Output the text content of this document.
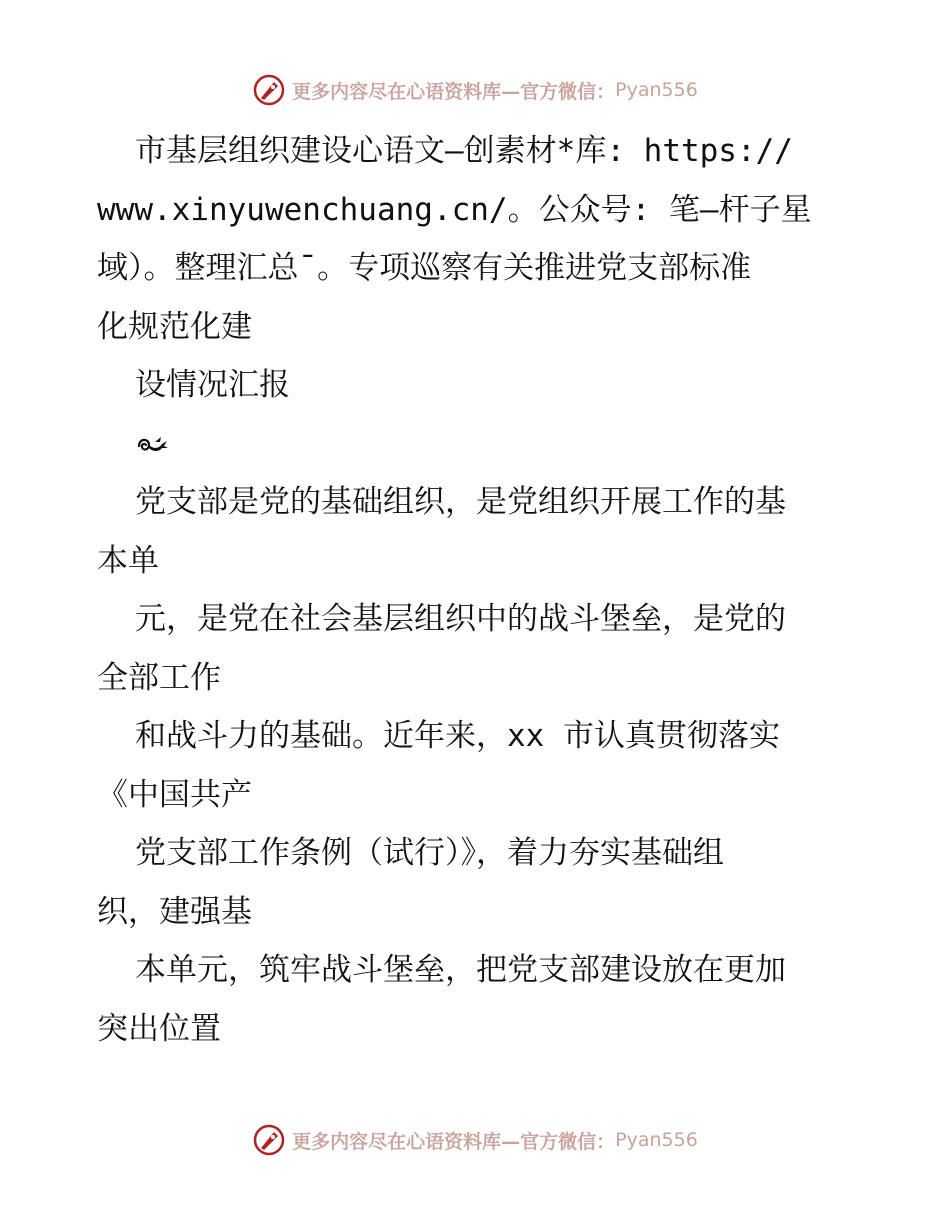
更多内容尽在心语资料库—官方微信： Pyan556
市基层组织建设心语文—创素材*库: https://
www.xinyuwenchuang.cn/。公众号: 笔—杆子星
域）。整理汇总¯。专项巡察有关推进党支部标准
化规范化建
设情况汇报
党支部是党的基础组织，是党组织开展工作的基
本单
元，是党在社会基层组织中的战斗堡垒，是党的
全部工作
和战斗力的基础。近年来，xx 市认真贯彻落实
《中国共产
党支部工作条例（试行）》，着力夯实基础组
织，建强基
本单元，筑牢战斗堡垒，把党支部建设放在更加
突出位置
更多内容尽在心语资料库—官方微信： Pyan556
